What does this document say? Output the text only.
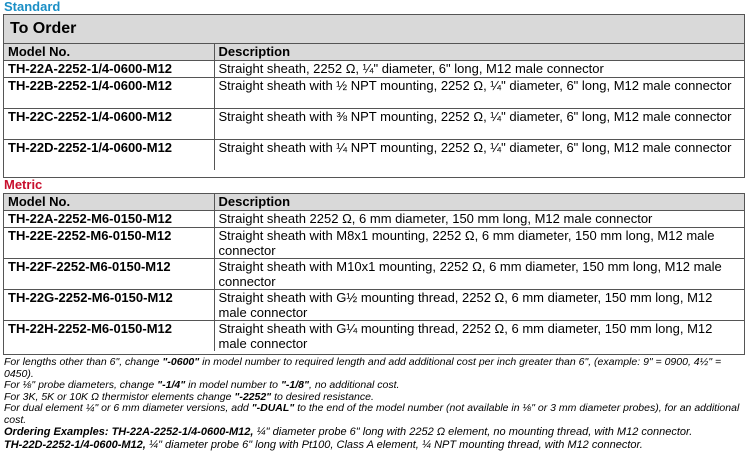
Standard
To Order
Model No.	Description
TH-22A-2252-1/4-0600-M12	Straight sheath, 2252 Ω, ¼" diameter, 6" long, M12 male connector
TH-22B-2252-1/4-0600-M12	Straight sheath with ½ NPT mounting, 2252 Ω, ¼" diameter, 6" long, M12 male connector
TH-22C-2252-1/4-0600-M12	Straight sheath with ⅜ NPT mounting, 2252 Ω, ¼" diameter, 6" long, M12 male connector
TH-22D-2252-1/4-0600-M12	Straight sheath with ¼ NPT mounting, 2252 Ω, ¼" diameter, 6" long, M12 male connector
Metric
Model No.	Description
TH-22A-2252-M6-0150-M12	Straight sheath 2252 Ω, 6 mm diameter, 150 mm long, M12 male connector
TH-22E-2252-M6-0150-M12	Straight sheath with M8x1 mounting, 2252 Ω, 6 mm diameter, 150 mm long, M12 male connector
TH-22F-2252-M6-0150-M12	Straight sheath with M10x1 mounting, 2252 Ω, 6 mm diameter, 150 mm long, M12 male connector
TH-22G-2252-M6-0150-M12	Straight sheath with G½ mounting thread, 2252 Ω, 6 mm diameter, 150 mm long, M12 male connector
TH-22H-2252-M6-0150-M12	Straight sheath with G¼ mounting thread, 2252 Ω, 6 mm diameter, 150 mm long, M12 male connector

For lengths other than 6", change "-0600" in model number to required length and add additional cost per inch greater than 6", (example: 9" = 0900, 4½" = 0450).

For ⅛" probe diameters, change "-1/4" in model number to "-1/8", no additional cost.

For 3K, 5K or 10K Ω thermistor elements change "-2252" to desired resistance.

For dual element ¼" or 6 mm diameter versions, add "-DUAL" to the end of the model number (not available in ⅛" or 3 mm diameter probes), for an additional cost.

Ordering Examples: TH-22A-2252-1/4-0600-M12, ¼" diameter probe 6" long with 2252 Ω element, no mounting thread, with M12 connector.

TH-22D-2252-1/4-0600-M12, ¼" diameter probe 6" long with Pt100, Class A element, ¼ NPT mounting thread, with M12 connector.
